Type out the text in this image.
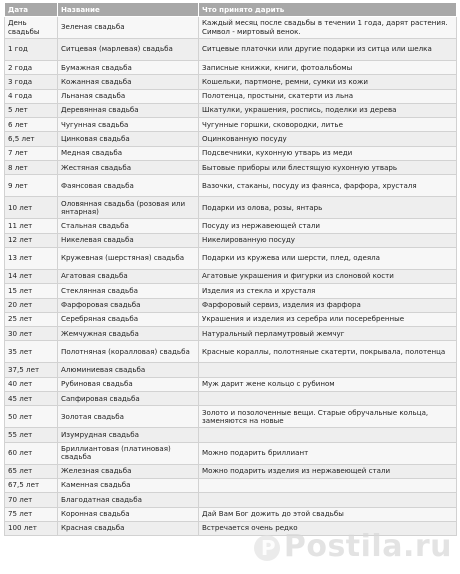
Дата	Название	Что принято дарить
День свадьбы	Зеленая свадьба	Каждый месяц после свадьбы в течении 1 года, дарят растения. Символ - миртовый венок.
1 год	Ситцевая (марлевая) свадьба	Ситцевые платочки или другие подарки из ситца или шелка
2 года	Бумажная свадьба	Записные книжки, книги, фотоальбомы
3 года	Кожанная свадьба	Кошельки, партмоне, ремни, сумки из кожи
4 года	Льнаная свадьба	Полотенца, простыни, скатерти из льна
5 лет	Деревянная свадьба	Шкатулки, украшения, роспись, поделки из дерева
6 лет	Чугунная свадьба	Чугунные горшки, сковородки, литье
6,5 лет	Цинковая свадьба	Оцинкованную посуду
7 лет	Медная свадьба	Подсвечники, кухонную утварь из меди
8 лет	Жестяная свадьба	Бытовые приборы или блестящую кухонную утварь
9 лет	Фаянсовая свадьба	Вазочки, стаканы, посуду из фаянса, фарфора, хрусталя
10 лет	Оловянная свадьба (розовая или янтарная)	Подарки из олова, розы, янтарь
11 лет	Стальная свадьба	Посуду из нержавеющей стали
12 лет	Никелевая свадьба	Никелированную посуду
13 лет	Кружевная (шерстяная) свадьба	Подарки из кружева или шерсти, плед, одеяла
14 лет	Агатовая свадьба	Агатовые украшения и фигурки из слоновой кости
15 лет	Стеклянная свадьба	Изделия из стекла и хрусталя
20 лет	Фарфоровая свадьба	Фарфоровый сервиз, изделия из фарфора
25 лет	Серебряная свадьба	Украшения и изделия из серебра или посеребренные
30 лет	Жемчужная свадьба	Натуральный перламутровый жемчуг
35 лет	Полотняная (коралловая) свадьба	Красные кораллы, полотняные скатерти, покрывала, полотенца
37,5 лет	Алюминиевая свадьба	
40 лет	Рубиновая свадьба	Муж дарит жене кольцо с рубином
45 лет	Сапфировая свадьба	
50 лет	Золотая свадьба	Золото и позолоченные вещи. Старые обручальные кольца, заменяются на новые
55 лет	Изумрудная свадьба	
60 лет	Бриллиантовая (платиновая) свадьба	Можно подарить бриллиант
65 лет	Железная свадьба	Можно подарить изделия из нержавеющей стали
67,5 лет	Каменная свадьба	
70 лет	Благодатная свадьба	
75 лет	Коронная свадьба	Дай Вам Бог дожить до этой свадьбы
100 лет	Красная свадьба	Встречается очень редко
PPostila.ru
